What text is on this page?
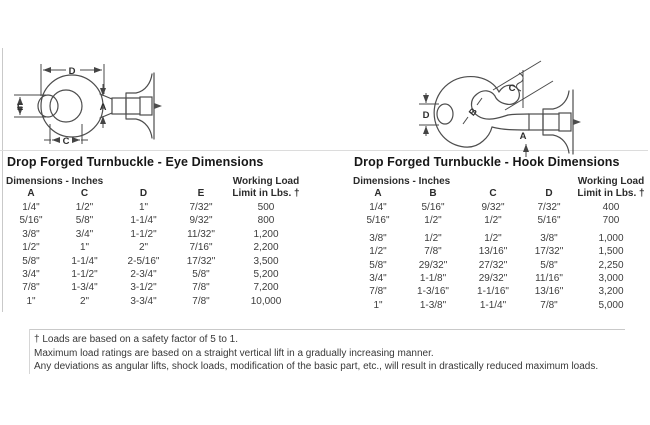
D
E
C
A
D	B
C
A
Drop Forged Turnbuckle - Eye Dimensions
Dimensions - Inches	Working Load
A	C	D	E	Limit in Lbs. †
1/4"	1/2"	1"	7/32"	500
5/16"	5/8"	1-1/4"	9/32"	800
3/8"	3/4"	1-1/2"	11/32"	1,200
1/2"	1"	2"	7/16"	2,200
5/8"	1-1/4"	2-5/16"	17/32"	3,500
3/4"	1-1/2"	2-3/4"	5/8"	5,200
7/8"	1-3/4"	3-1/2"	7/8"	7,200
1"	2"	3-3/4"	7/8"	10,000
Drop Forged Turnbuckle - Hook Dimensions
Dimensions - Inches	Working Load
A	B	C	D	Limit in Lbs. †
1/4"	5/16"	9/32"	7/32"	400
5/16"	1/2"	1/2"	5/16"	700
3/8"	1/2"	1/2"	3/8"	1,000
1/2"	7/8"	13/16"	17/32"	1,500
5/8"	29/32"	27/32"	5/8"	2,250
3/4"	1-1/8"	29/32"	11/16"	3,000
7/8"	1-3/16"	1-1/16"	13/16"	3,200
1"	1-3/8"	1-1/4"	7/8"	5,000

† Loads are based on a safety factor of 5 to 1.

Maximum load ratings are based on a straight vertical lift in a gradually increasing manner.

Any deviations as angular lifts, shock loads, modification of the basic part, etc., will result in drastically reduced maximum loads.
